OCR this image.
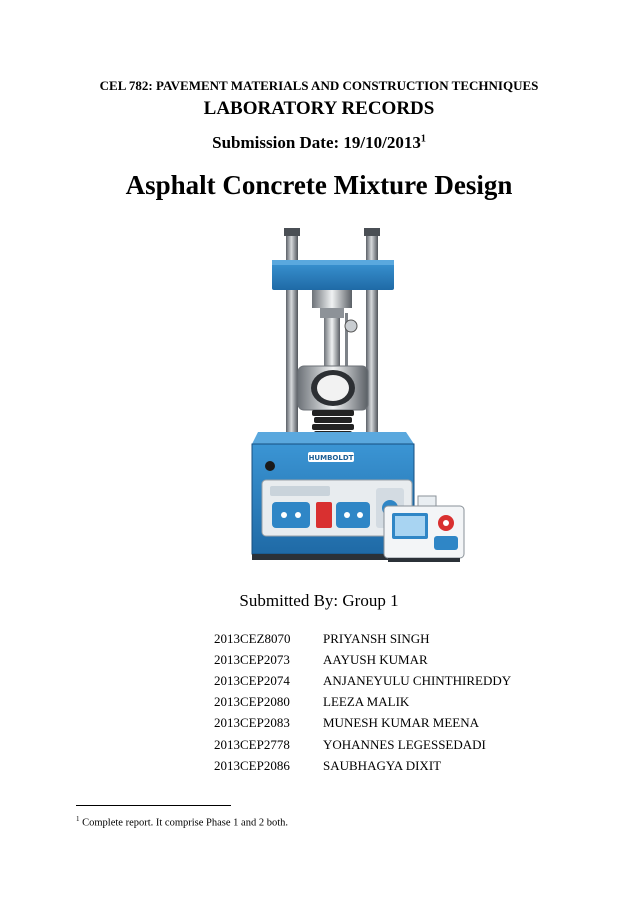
CEL 782: PAVEMENT MATERIALS AND CONSTRUCTION TECHNIQUES
LABORATORY RECORDS
Submission Date: 19/10/2013$^1$
Asphalt Concrete Mixture Design
HUMBOLDT
Submitted By: Group 1
2013CEZ8070	PRIYANSH SINGH
2013CEP2073	AAYUSH KUMAR
2013CEP2074	ANJANEYULU CHINTHIREDDY
2013CEP2080	LEEZA MALIK
2013CEP2083	MUNESH KUMAR MEENA
2013CEP2778	YOHANNES LEGESSEDADI
2013CEP2086	SAUBHAGYA DIXIT
$^1$ Complete report. It comprise Phase 1 and 2 both.
